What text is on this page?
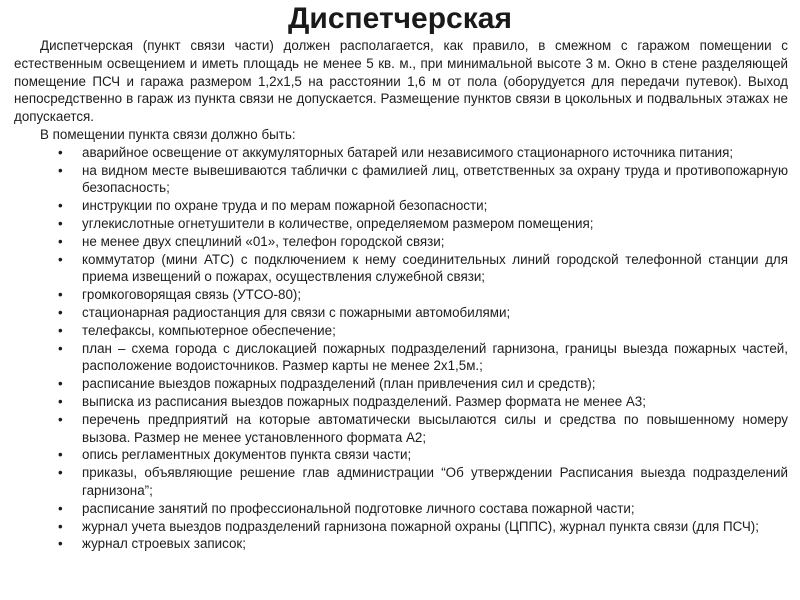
Диспетчерская

Диспетчерская (пункт связи части) должен располагается, как правило, в смежном с гаражом помещении с естественным освещением и иметь площадь не менее 5 кв. м., при минимальной высоте 3 м. Окно в стене разделяющей помещение ПСЧ и гаража размером 1,2х1,5 на расстоянии 1,6 м от пола (оборудуется для передачи путевок). Выход непосредственно в гараж из пункта связи не допускается. Размещение пунктов связи в цокольных и подвальных этажах не допускается.

В помещении пункта связи должно быть:

• аварийное освещение от аккумуляторных батарей или независимого стационарного источника питания;
• на видном месте вывешиваются таблички с фамилией лиц, ответственных за охрану труда и противопожарную безопасность;
• инструкции по охране труда и по мерам пожарной безопасности;
• углекислотные огнетушители в количестве, определяемом размером помещения;
• не менее двух спецлиний «01», телефон городской связи;
• коммутатор (мини АТС) с подключением к нему соединительных линий городской телефонной станции для приема извещений о пожарах, осуществления служебной связи;
• громкоговорящая связь (УТСО-80);
• стационарная радиостанция для связи с пожарными автомобилями;
• телефаксы, компьютерное обеспечение;
• план – схема города с дислокацией пожарных подразделений гарнизона, границы выезда пожарных частей, расположение водоисточников. Размер карты не менее 2х1,5м.;
• расписание выездов пожарных подразделений (план привлечения сил и средств);
• выписка из расписания выездов пожарных подразделений. Размер формата не менее А3;
• перечень предприятий на которые автоматически высылаются силы и средства по повышенному номеру вызова. Размер не менее установленного формата А2;
• опись регламентных документов пункта связи части;
• приказы, объявляющие решение глав администрации “Об утверждении Расписания выезда подразделений гарнизона”;
• расписание занятий по профессиональной подготовке личного состава пожарной части;
• журнал учета выездов подразделений гарнизона пожарной охраны (ЦППС), журнал пункта связи (для ПСЧ);
• журнал строевых записок;
